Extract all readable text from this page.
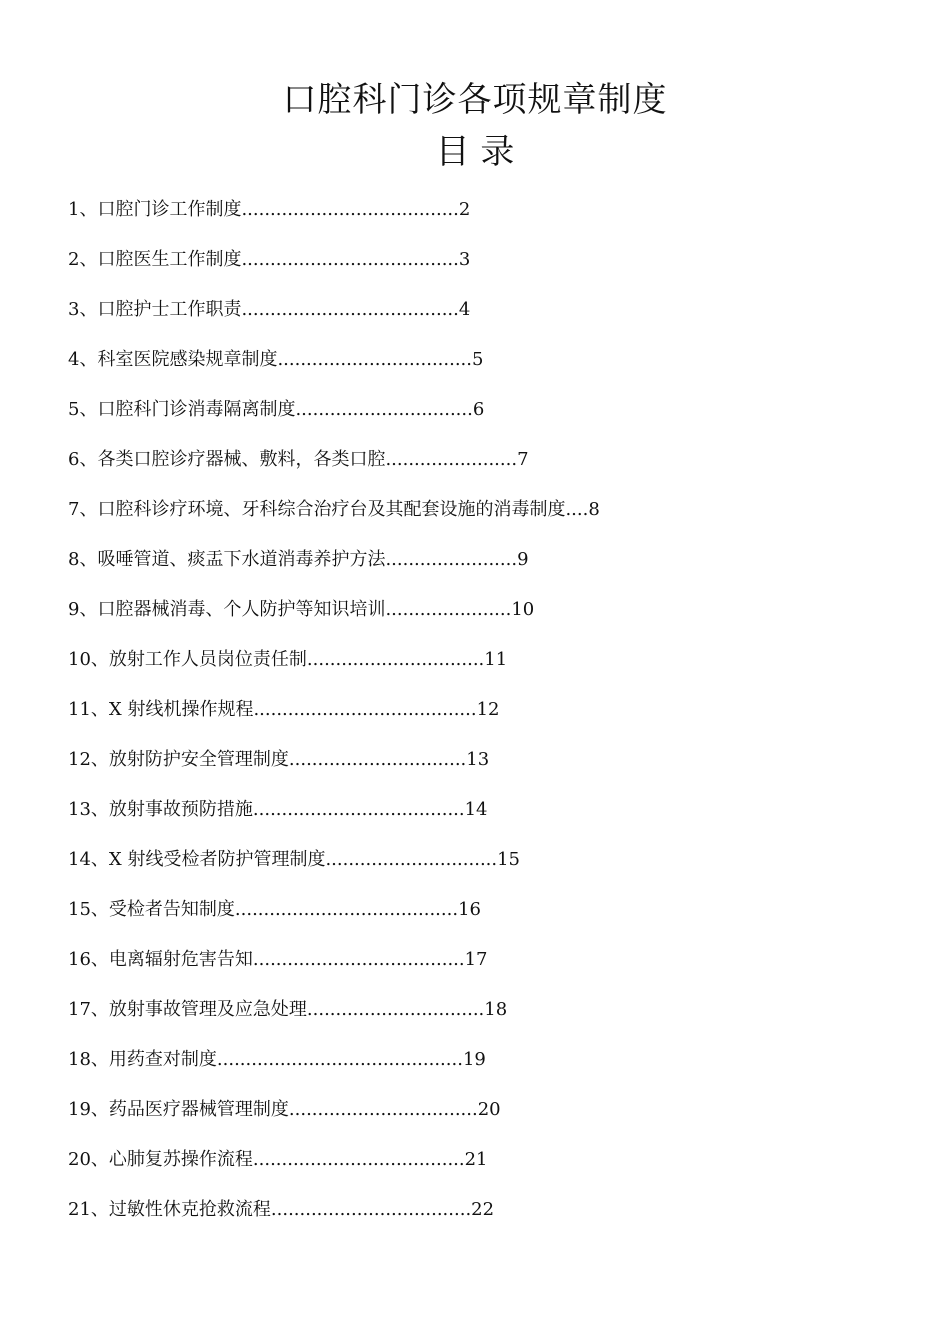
口腔科门诊各项规章制度
目 录
1、口腔门诊工作制度......................................2
2、口腔医生工作制度......................................3
3、口腔护士工作职责......................................4
4、科室医院感染规章制度..................................5
5、口腔科门诊消毒隔离制度...............................6
6、各类口腔诊疗器械、敷料，各类口腔.......................7
7、口腔科诊疗环境、牙科综合治疗台及其配套设施的消毒制度....8
8、吸唾管道、痰盂下水道消毒养护方法.......................9
9、口腔器械消毒、个人防护等知识培训......................10
10、放射工作人员岗位责任制...............................11
11、X 射线机操作规程.......................................12
12、放射防护安全管理制度...............................13
13、放射事故预防措施.....................................14
14、X 射线受检者防护管理制度..............................15
15、受检者告知制度.......................................16
16、电离辐射危害告知.....................................17
17、放射事故管理及应急处理...............................18
18、用药查对制度...........................................19
19、药品医疗器械管理制度.................................20
20、心肺复苏操作流程.....................................21
21、过敏性休克抢救流程...................................22
